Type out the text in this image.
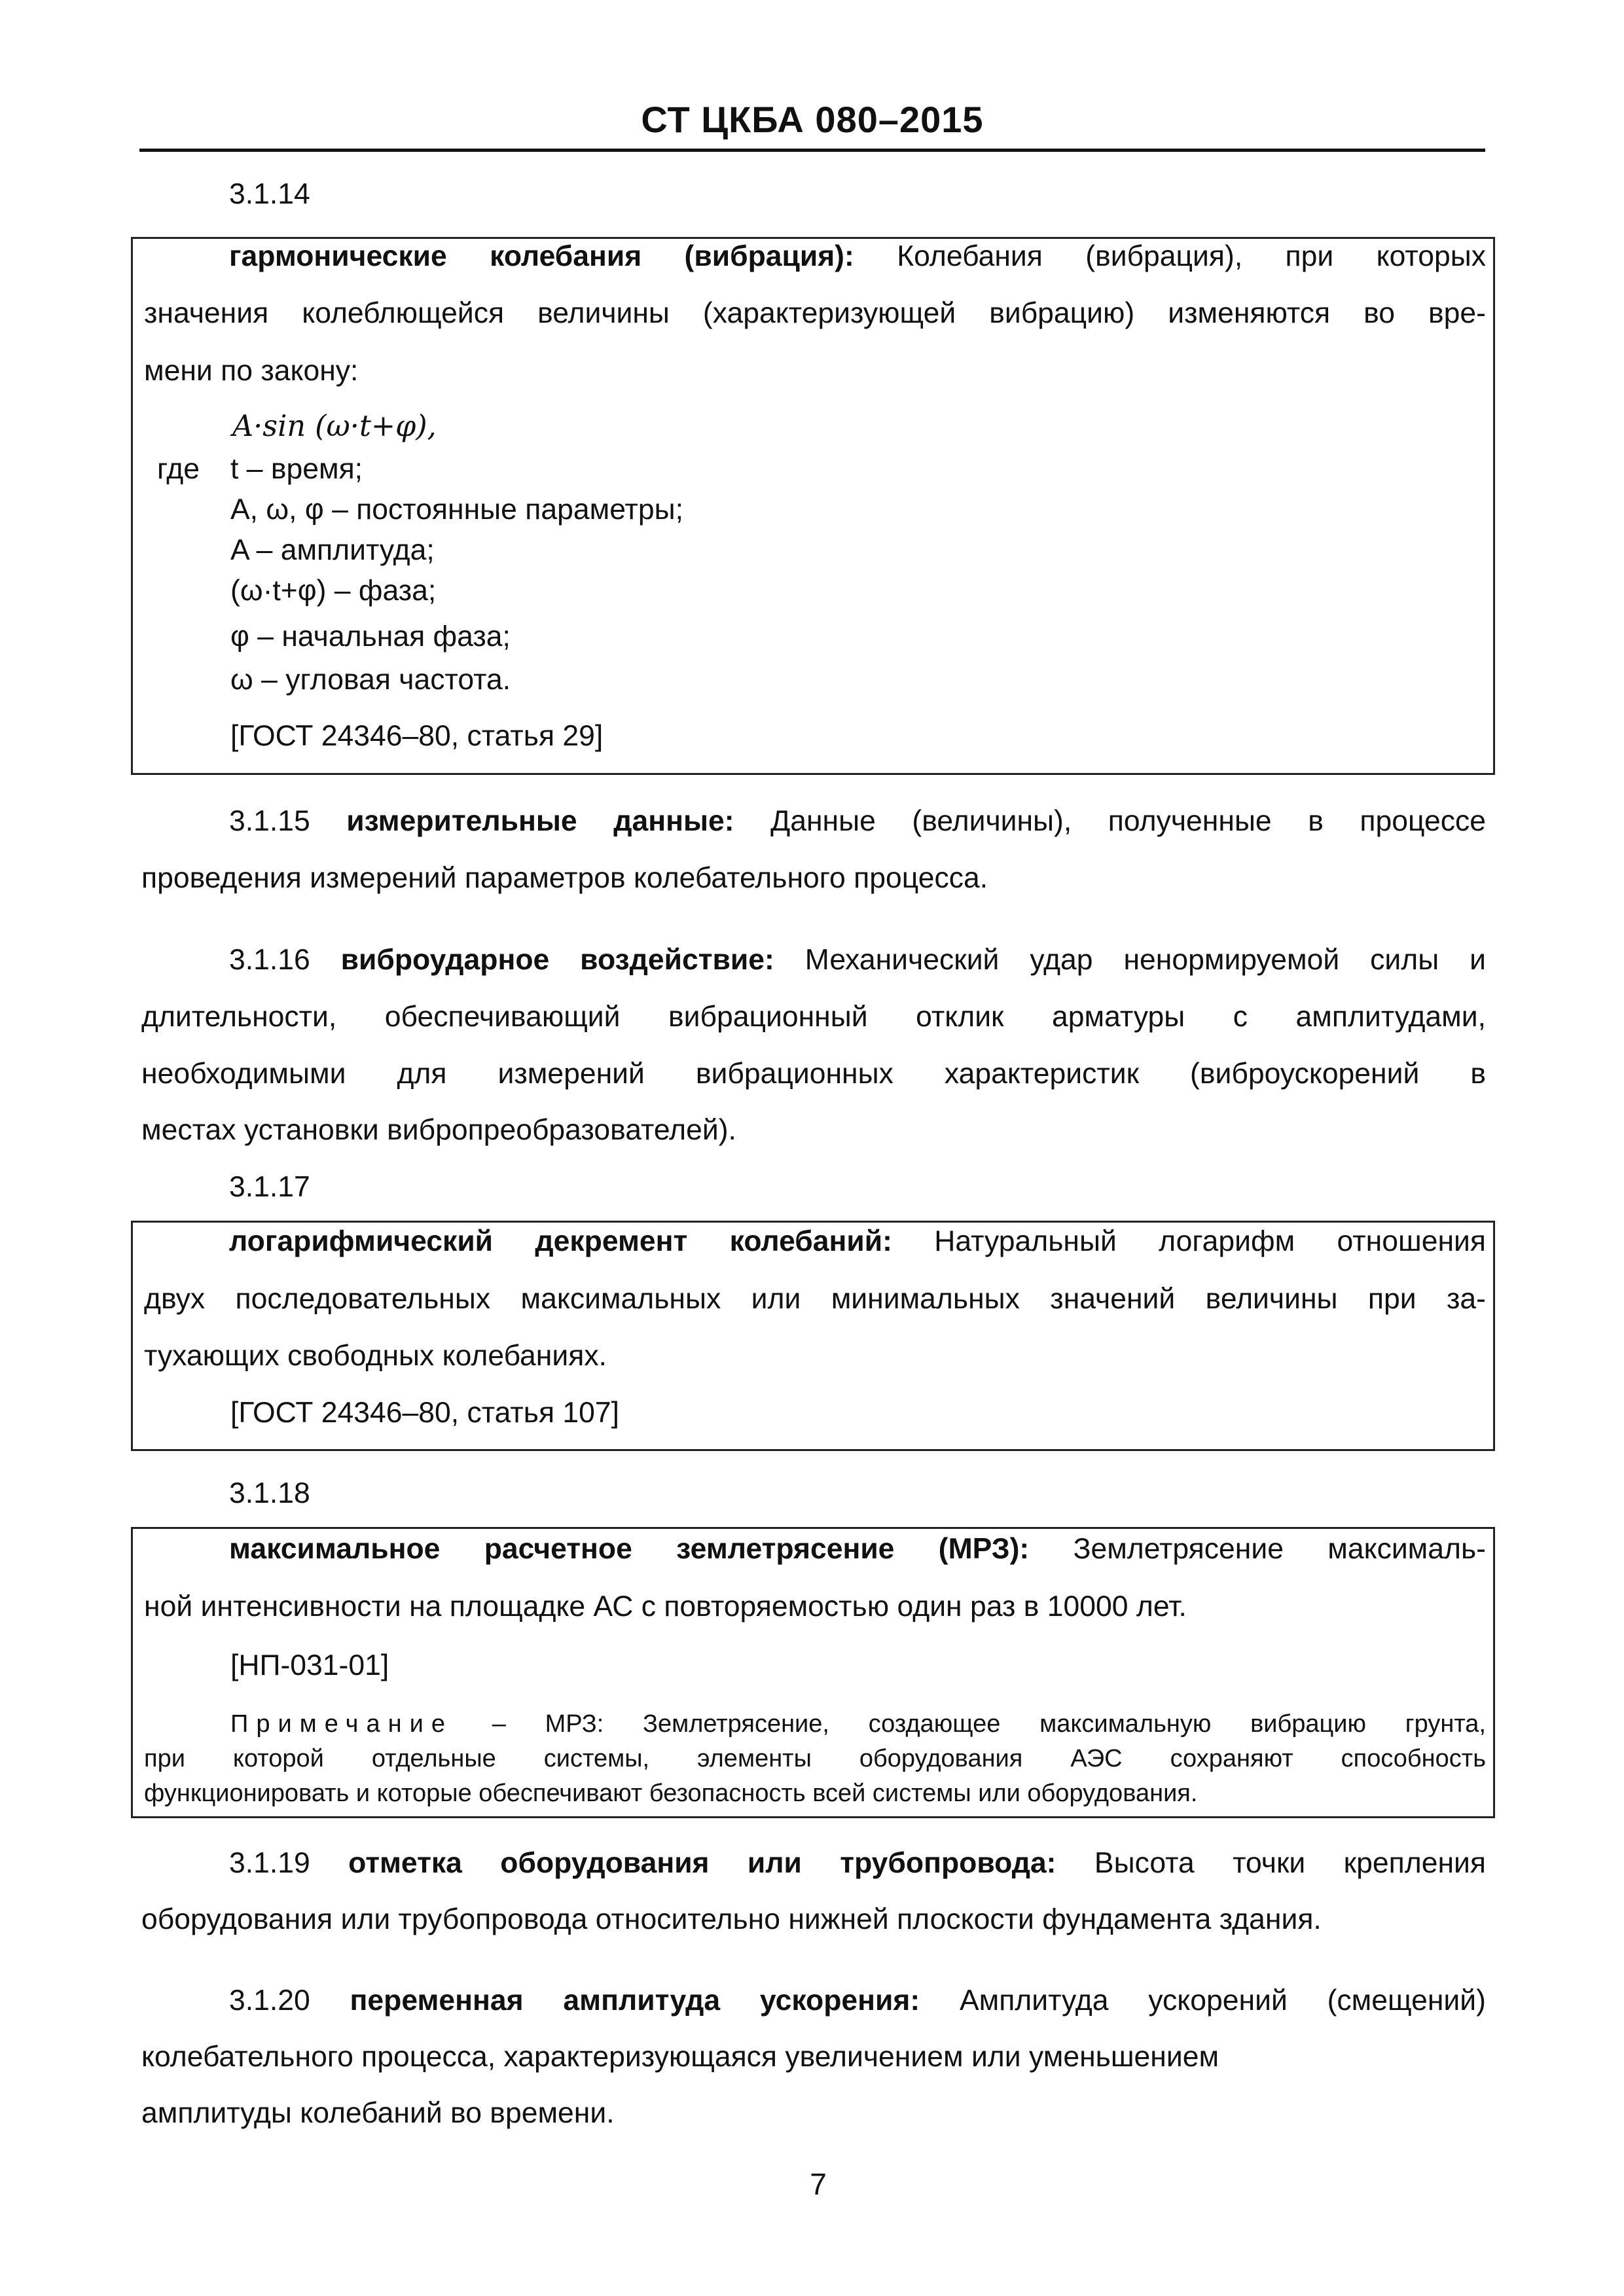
СТ ЦКБА 080–2015
3.1.14
гармонические колебания (вибрация): Колебания (вибрация), при которых
значения колеблющейся величины (характеризующей вибрацию) изменяются во вре-
мени по закону:
A·sin (ω·t+φ),
где t – время;
A, ω, φ – постоянные параметры;
A – амплитуда;
(ω·t+φ) – фаза;
φ – начальная фаза;
ω – угловая частота.
[ГОСТ 24346–80, статья 29]
3.1.15 измерительные данные: Данные (величины), полученные в процессе
проведения измерений параметров колебательного процесса.
3.1.16 виброударное воздействие: Механический удар ненормируемой силы и
длительности, обеспечивающий вибрационный отклик арматуры с амплитудами,
необходимыми для измерений вибрационных характеристик (виброускорений в
местах установки вибропреобразователей).
3.1.17
логарифмический декремент колебаний: Натуральный логарифм отношения
двух последовательных максимальных или минимальных значений величины при за-
тухающих свободных колебаниях.
[ГОСТ 24346–80, статья 107]
3.1.18
максимальное расчетное землетрясение (МРЗ): Землетрясение максималь-
ной интенсивности на площадке АС с повторяемостью один раз в 10000 лет.
[НП-031-01]
Примечание – МРЗ: Землетрясение, создающее максимальную вибрацию грунта,
при которой отдельные системы, элементы оборудования АЭС сохраняют способность
функционировать и которые обеспечивают безопасность всей системы или оборудования.
3.1.19 отметка оборудования или трубопровода: Высота точки крепления
оборудования или трубопровода относительно нижней плоскости фундамента здания.
3.1.20 переменная амплитуда ускорения: Амплитуда ускорений (смещений)
колебательного процесса, характеризующаяся увеличением или уменьшением
амплитуды колебаний во времени.
7
